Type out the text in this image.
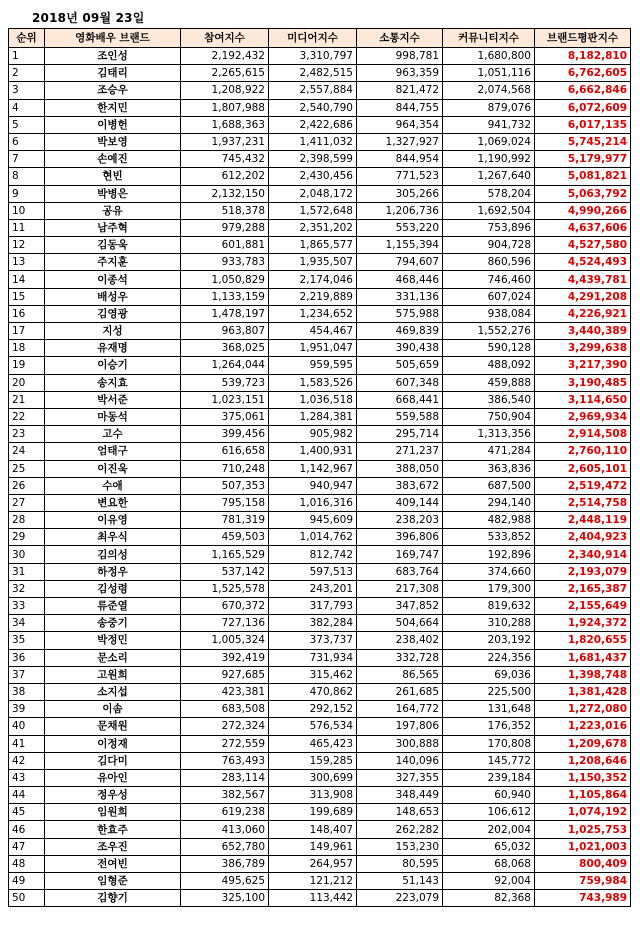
2018년 09월 23일
순위	영화배우 브랜드	참여지수	미디어지수	소통지수	커뮤니티지수	브랜드평판지수
1	조인성	2,192,432	3,310,797	998,781	1,680,800	8,182,810
2	김태리	2,265,615	2,482,515	963,359	1,051,116	6,762,605
3	조승우	1,208,922	2,557,884	821,472	2,074,568	6,662,846
4	한지민	1,807,988	2,540,790	844,755	879,076	6,072,609
5	이병헌	1,688,363	2,422,686	964,354	941,732	6,017,135
6	박보영	1,937,231	1,411,032	1,327,927	1,069,024	5,745,214
7	손예진	745,432	2,398,599	844,954	1,190,992	5,179,977
8	현빈	612,202	2,430,456	771,523	1,267,640	5,081,821
9	박병은	2,132,150	2,048,172	305,266	578,204	5,063,792
10	공유	518,378	1,572,648	1,206,736	1,692,504	4,990,266
11	남주혁	979,288	2,351,202	553,220	753,896	4,637,606
12	김동욱	601,881	1,865,577	1,155,394	904,728	4,527,580
13	주지훈	933,783	1,935,507	794,607	860,596	4,524,493
14	이종석	1,050,829	2,174,046	468,446	746,460	4,439,781
15	배성우	1,133,159	2,219,889	331,136	607,024	4,291,208
16	김영광	1,478,197	1,234,652	575,988	938,084	4,226,921
17	지성	963,807	454,467	469,839	1,552,276	3,440,389
18	유재명	368,025	1,951,047	390,438	590,128	3,299,638
19	이승기	1,264,044	959,595	505,659	488,092	3,217,390
20	송지효	539,723	1,583,526	607,348	459,888	3,190,485
21	박서준	1,023,151	1,036,518	668,441	386,540	3,114,650
22	마동석	375,061	1,284,381	559,588	750,904	2,969,934
23	고수	399,456	905,982	295,714	1,313,356	2,914,508
24	엄태구	616,658	1,400,931	271,237	471,284	2,760,110
25	이진욱	710,248	1,142,967	388,050	363,836	2,605,101
26	수애	507,353	940,947	383,672	687,500	2,519,472
27	변요한	795,158	1,016,316	409,144	294,140	2,514,758
28	이유영	781,319	945,609	238,203	482,988	2,448,119
29	최우식	459,503	1,014,762	396,806	533,852	2,404,923
30	김의성	1,165,529	812,742	169,747	192,896	2,340,914
31	하정우	537,142	597,513	683,764	374,660	2,193,079
32	김성령	1,525,578	243,201	217,308	179,300	2,165,387
33	류준열	670,372	317,793	347,852	819,632	2,155,649
34	송중기	727,136	382,284	504,664	310,288	1,924,372
35	박정민	1,005,324	373,737	238,402	203,192	1,820,655
36	문소리	392,419	731,934	332,728	224,356	1,681,437
37	고원희	927,685	315,462	86,565	69,036	1,398,748
38	소지섭	423,381	470,862	261,685	225,500	1,381,428
39	이솜	683,508	292,152	164,772	131,648	1,272,080
40	문채원	272,324	576,534	197,806	176,352	1,223,016
41	이정재	272,559	465,423	300,888	170,808	1,209,678
42	김다미	763,493	159,285	140,096	145,772	1,208,646
43	유아인	283,114	300,699	327,355	239,184	1,150,352
44	정우성	382,567	313,908	348,449	60,940	1,105,864
45	임원희	619,238	199,689	148,653	106,612	1,074,192
46	한효주	413,060	148,407	262,282	202,004	1,025,753
47	조우진	652,780	149,961	153,230	65,032	1,021,003
48	전여빈	386,789	264,957	80,595	68,068	800,409
49	임형준	495,625	121,212	51,143	92,004	759,984
50	김향기	325,100	113,442	223,079	82,368	743,989
